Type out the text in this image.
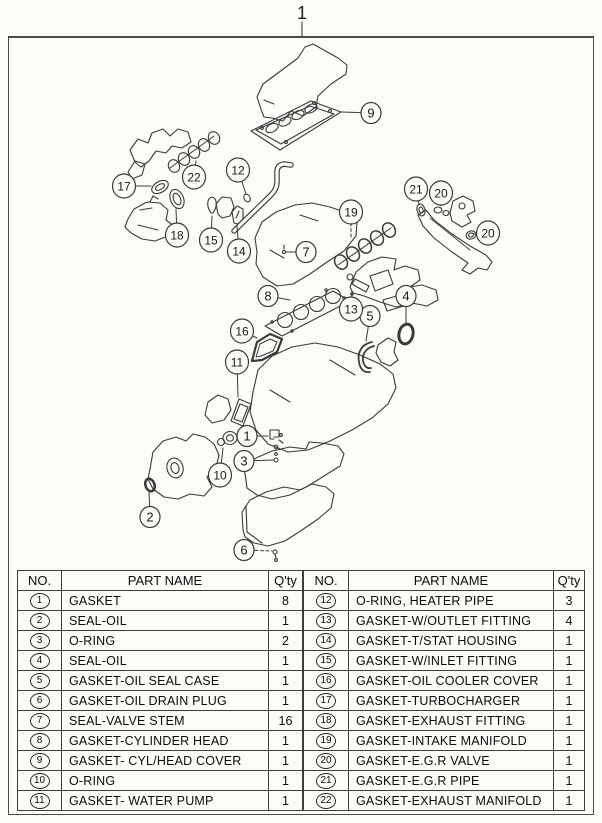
1
1
2
3
4
5
6
7
8
9
10
11
12
13
14
15
16
17
18
19
20
20
21
22
NO.	PART NAME	Q'ty
1	GASKET	8
2	SEAL-OIL	1
3	O-RING	2
4	SEAL-OIL	1
5	GASKET-OIL SEAL CASE	1
6	GASKET-OIL DRAIN PLUG	1
7	SEAL-VALVE STEM	16
8	GASKET-CYLINDER HEAD	1
9	GASKET- CYL/HEAD COVER	1
10	O-RING	1
11	GASKET- WATER PUMP	1
NO.	PART NAME	Q'ty
12	O-RING, HEATER PIPE	3
13	GASKET-W/OUTLET FITTING	4
14	GASKET-T/STAT HOUSING	1
15	GASKET-W/INLET FITTING	1
16	GASKET-OIL COOLER COVER	1
17	GASKET-TURBOCHARGER	1
18	GASKET-EXHAUST FITTING	1
19	GASKET-INTAKE MANIFOLD	1
20	GASKET-E.G.R VALVE	1
21	GASKET-E.G.R PIPE	1
22	GASKET-EXHAUST MANIFOLD	1
